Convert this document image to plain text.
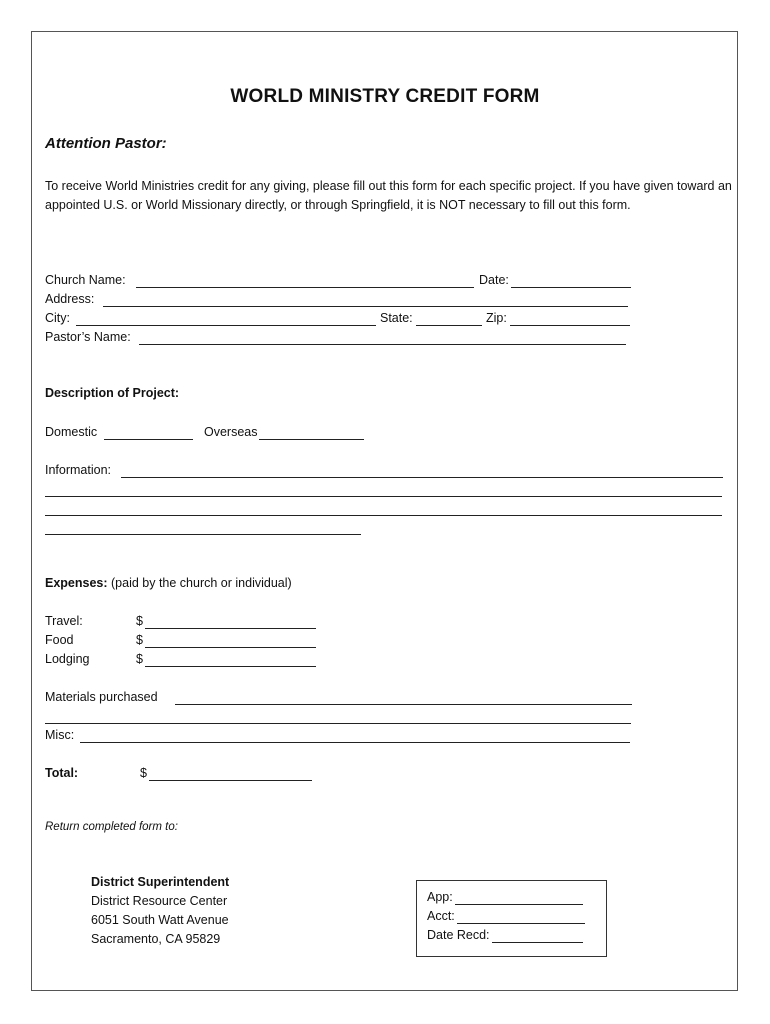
WORLD MINISTRY CREDIT FORM
Attention Pastor:
To receive World Ministries credit for any giving, please fill out this form for each specific project. If you have given toward an appointed U.S. or World Missionary directly, or through Springfield, it is NOT necessary to fill out this form.
Church Name:	Date:
Address:
City:	State:	Zip:
Pastor’s Name:
Description of Project:
Domestic	Overseas
Information:
Expenses: (paid by the church or individual)
Travel:	$
Food	$
Lodging	$
Materials purchased
Misc:
Total:	$
Return completed form to:
District Superintendent
District Resource Center
6051 South Watt Avenue
Sacramento, CA 95829
App:
Acct:
Date Recd:
